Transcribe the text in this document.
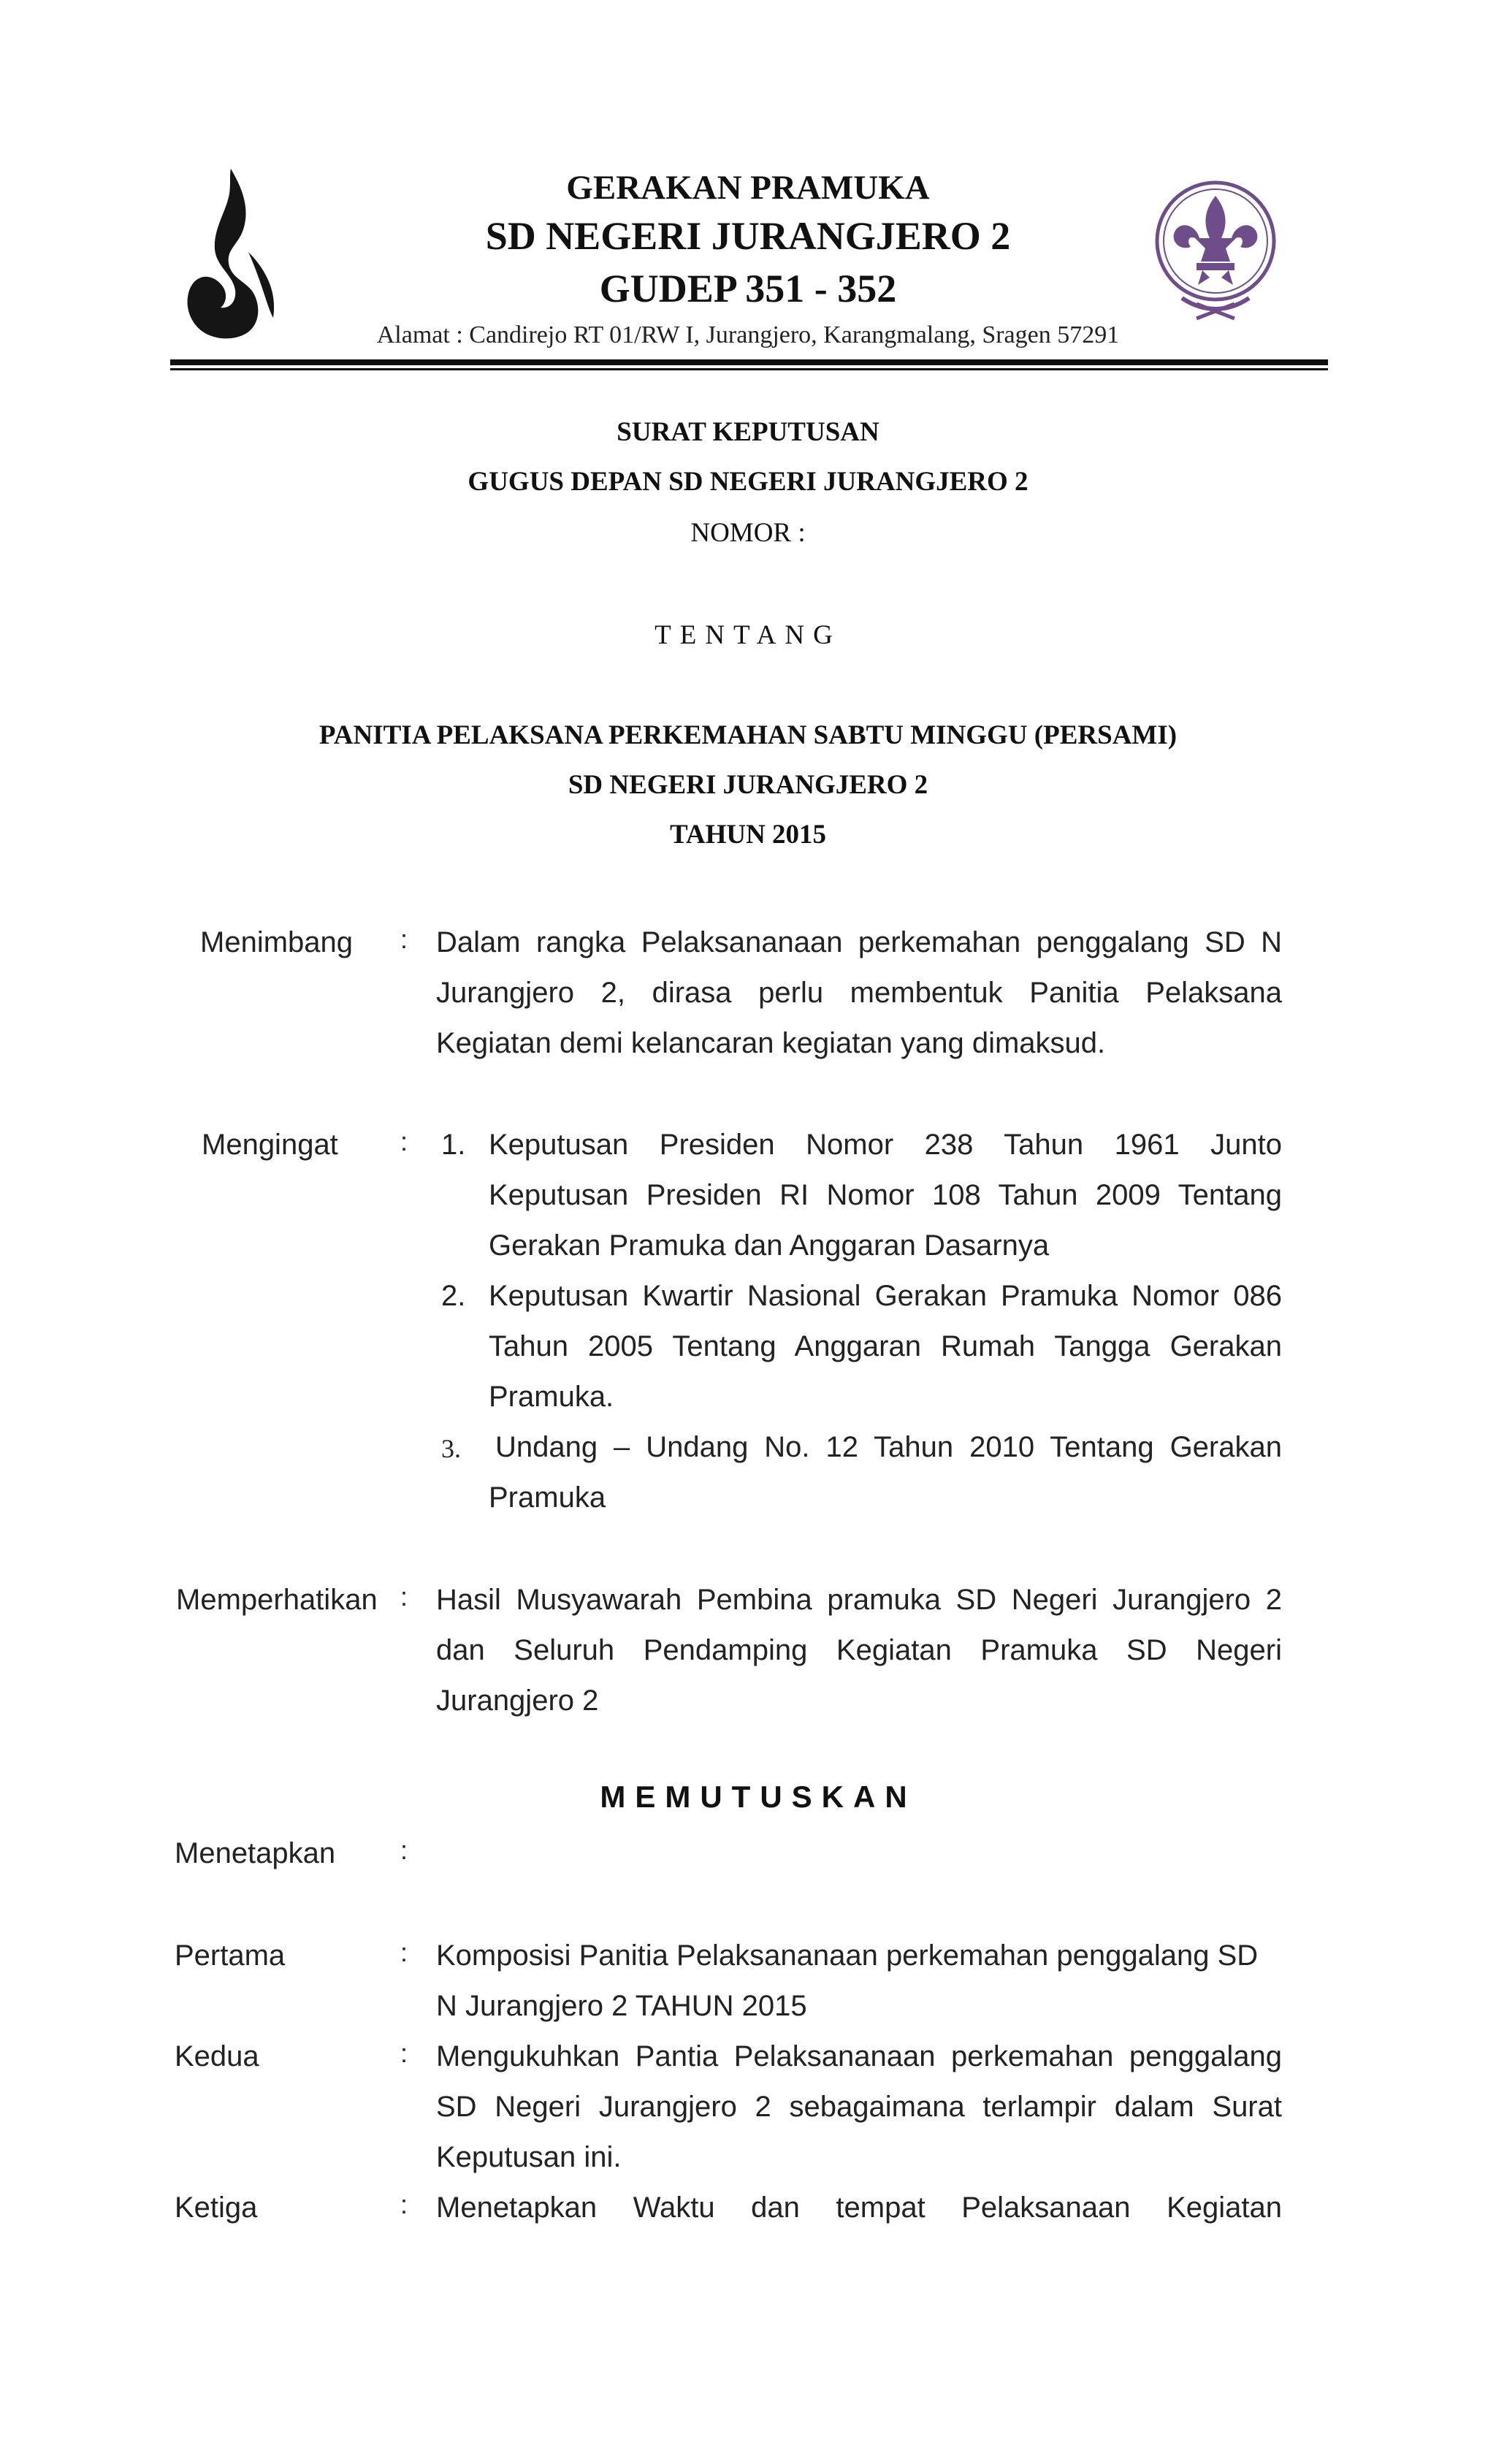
GERAKAN PRAMUKA
SD NEGERI JURANGJERO 2
GUDEP 351 - 352
Alamat : Candirejo RT 01/RW I, Jurangjero, Karangmalang, Sragen 57291
SURAT KEPUTUSAN
GUGUS DEPAN SD NEGERI JURANGJERO 2
NOMOR :
TENTANG
PANITIA PELAKSANA PERKEMAHAN SABTU MINGGU (PERSAMI)
SD NEGERI JURANGJERO 2
TAHUN 2015
Menimbang : Dalam rangka Pelaksananaan perkemahan penggalang SD N
Jurangjero 2, dirasa perlu membentuk Panitia Pelaksana
Kegiatan demi kelancaran kegiatan yang dimaksud.
Mengingat : 1. Keputusan Presiden Nomor 238 Tahun 1961 Junto
Keputusan Presiden RI Nomor 108 Tahun 2009 Tentang
Gerakan Pramuka dan Anggaran Dasarnya
2. Keputusan Kwartir Nasional Gerakan Pramuka Nomor 086
Tahun 2005 Tentang Anggaran Rumah Tangga Gerakan
Pramuka.
3. Undang – Undang No. 12 Tahun 2010 Tentang Gerakan
Pramuka
Memperhatikan : Hasil Musyawarah Pembina pramuka SD Negeri Jurangjero 2
dan Seluruh Pendamping Kegiatan Pramuka SD Negeri
Jurangjero 2
MEMUTUSKAN
Menetapkan :
Pertama	: Komposisi Panitia Pelaksananaan perkemahan penggalang SD
N Jurangjero 2 TAHUN 2015
Kedua	: Mengukuhkan Pantia Pelaksananaan perkemahan penggalang
SD Negeri Jurangjero 2 sebagaimana terlampir dalam Surat
Keputusan ini.
Ketiga	: Menetapkan Waktu dan tempat Pelaksanaan Kegiatan
